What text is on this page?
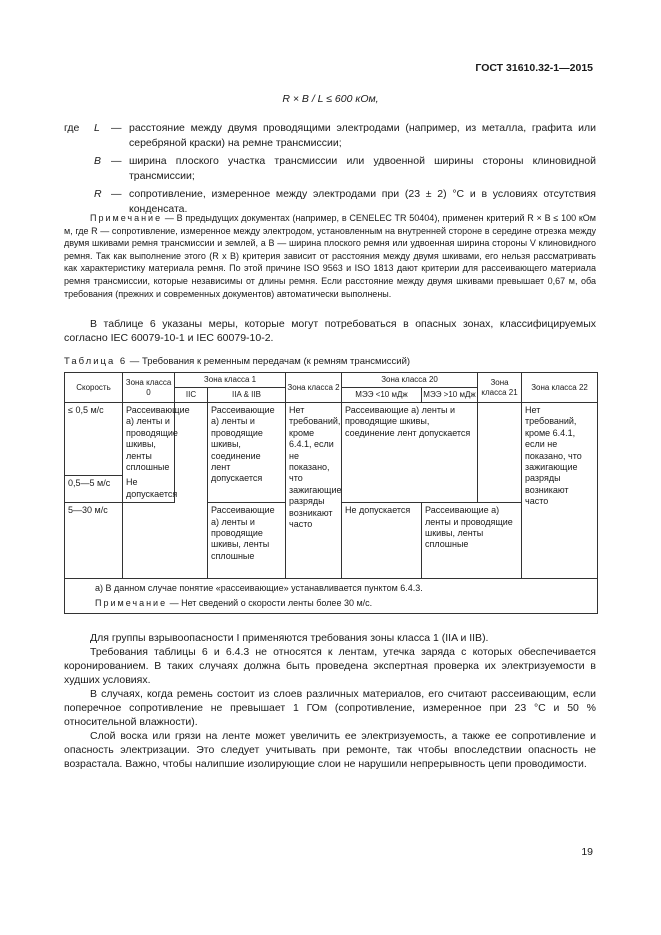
ГОСТ 31610.32-1—2015
R × B / L ≤ 600 кОм,
где	L	— расстояние между двумя проводящими электродами (например, из металла, графита или серебряной краски) на ремне трансмиссии;
B — ширина плоского участка трансмиссии или удвоенной ширины стороны клиновидной трансмиссии;
R — сопротивление, измеренное между электродами при (23 ± 2) °С и в условиях отсутствия конденсата.
Примечание — В предыдущих документах (например, в CENELEC TR 50404), применен критерий R × B ≤ 100 кОм м, где R — сопротивление, измеренное между электродом, установленным на внутренней стороне в середине отрезка между двумя шкивами ремня трансмиссии и землей, а B — ширина плоского ремня или удвоенная ширина стороны V клиновидного ремня. Так как выполнение этого (R x B) критерия зависит от расстояния между двумя шкивами, его нельзя рассматривать как характеристику материала ремня. По этой причине ISO 9563 и ISO 1813 дают критерии для рассеивающего материала ремня трансмиссии, которые независимы от длины ремня. Если расстояние между двумя шкивами превышает 0,67 м, оба требования (прежних и современных документов) автоматически выполнены.
В таблице 6 указаны меры, которые могут потребоваться в опасных зонах, классифицируемых согласно IEC 60079-10-1 и IEC 60079-10-2.
Таблица 6 — Требования к ременным передачам (к ремням трансмиссий)
Скорость	Зона класса 0	Зона класса 1		Зона класса 2	Зона класса 20		Зона класса 21	Зона класса 22
		IIC	IIA & IIB		МЭЭ <10 мДж	МЭЭ >10 мДж		
≤ 0,5 м/с	Рассеивающие а) ленты и проводящие шкивы, ленты сплошные		Рассеивающие а) ленты и проводящие шкивы, соединение лент допускается	Нет требований, кроме 6.4.1, если не показано, что зажигающие разряды возникают часто	Рассеивающие а) ленты и проводящие шкивы, соединение лент допускается			Нет требований, кроме 6.4.1, если не показано, что зажигающие разряды возникают часто
0,5—5 м/с	Не допускается							
5—30 м/с			Рассеивающие а) ленты и проводящие шкивы, ленты сплошные		Не допускается	Рассеивающие а) ленты и проводящие шкивы, ленты сплошные		

а) В данном случае понятие «рассеивающие» устанавливается пунктом 6.4.3.
Примечание — Нет сведений о скорости ленты более 30 м/с.								
Для группы взрывоопасности I применяются требования зоны класса 1 (IIA и IIB).
Требования таблицы 6 и 6.4.3 не относятся к лентам, утечка заряда с которых обеспечивается коронированием. В таких случаях должна быть проведена экспертная проверка их электризуемости в худших условиях.
В случаях, когда ремень состоит из слоев различных материалов, его считают рассеивающим, если поперечное сопротивление не превышает 1 ГОм (сопротивление, измеренное при 23 °С и 50 % относительной влажности).
Слой воска или грязи на ленте может увеличить ее электризуемость, а также ее сопротивление и опасность электризации. Это следует учитывать при ремонте, так чтобы впоследствии опасность не возрастала. Важно, чтобы налипшие изолирующие слои не нарушили непрерывность цепи проводимости.
19
